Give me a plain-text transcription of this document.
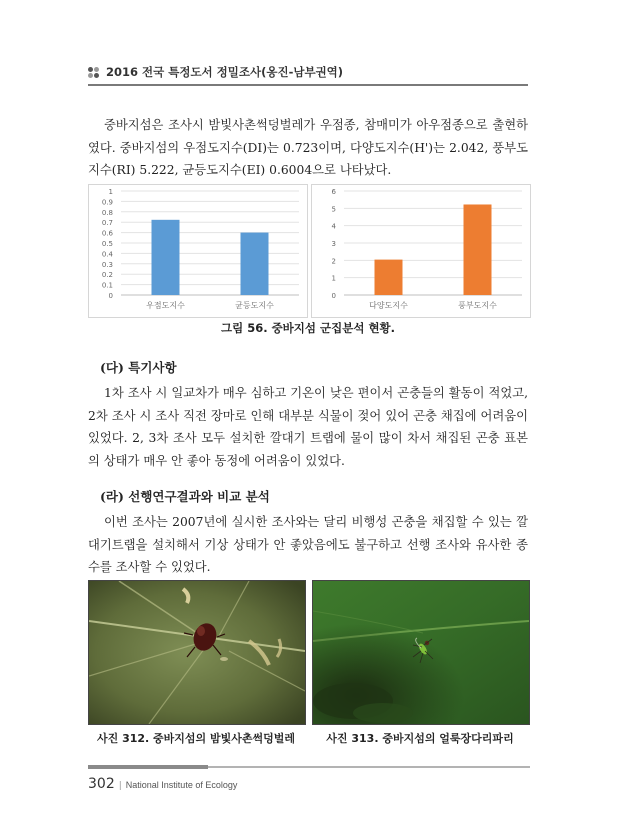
2016 전국 특정도서 정밀조사(옹진-남부권역)

중바지섬은 조사시 밤빛사촌썩덩벌레가 우점종, 참매미가 아우점종으로 출현하였다. 중바지섬의 우점도지수(DI)는 0.723이며, 다양도지수(H')는 2.042, 풍부도지수(RI) 5.222, 균등도지수(EI) 0.6004으로 나타났다.

0
0.1
0.2
0.3
0.4
0.5
0.6
0.7
0.8
0.9
1
우점도지수	균등도지수
0
1
2
3
4
5
6
다양도지수	풍부도지수
그림 56. 중바지섬 군집분석 현황.
(다) 특기사항

1차 조사 시 일교차가 매우 심하고 기온이 낮은 편이서 곤충들의 활동이 적었고, 2차 조사 시 조사 직전 장마로 인해 대부분 식물이 젖어 있어 곤충 채집에 어려움이 있었다. 2, 3차 조사 모두 설치한 깔대기 트랩에 물이 많이 차서 채집된 곤충 표본의 상태가 매우 안 좋아 동정에 어려움이 있었다.

(라) 선행연구결과와 비교 분석

이번 조사는 2007년에 실시한 조사와는 달리 비행성 곤충을 채집할 수 있는 깔대기트랩을 설치해서 기상 상태가 안 좋았음에도 불구하고 선행 조사와 유사한 종 수를 조사할 수 있었다.

사진 312. 중바지섬의 밤빛사촌썩덩벌레	사진 313. 중바지섬의 얼룩장다리파리
302 | National Institute of Ecology
